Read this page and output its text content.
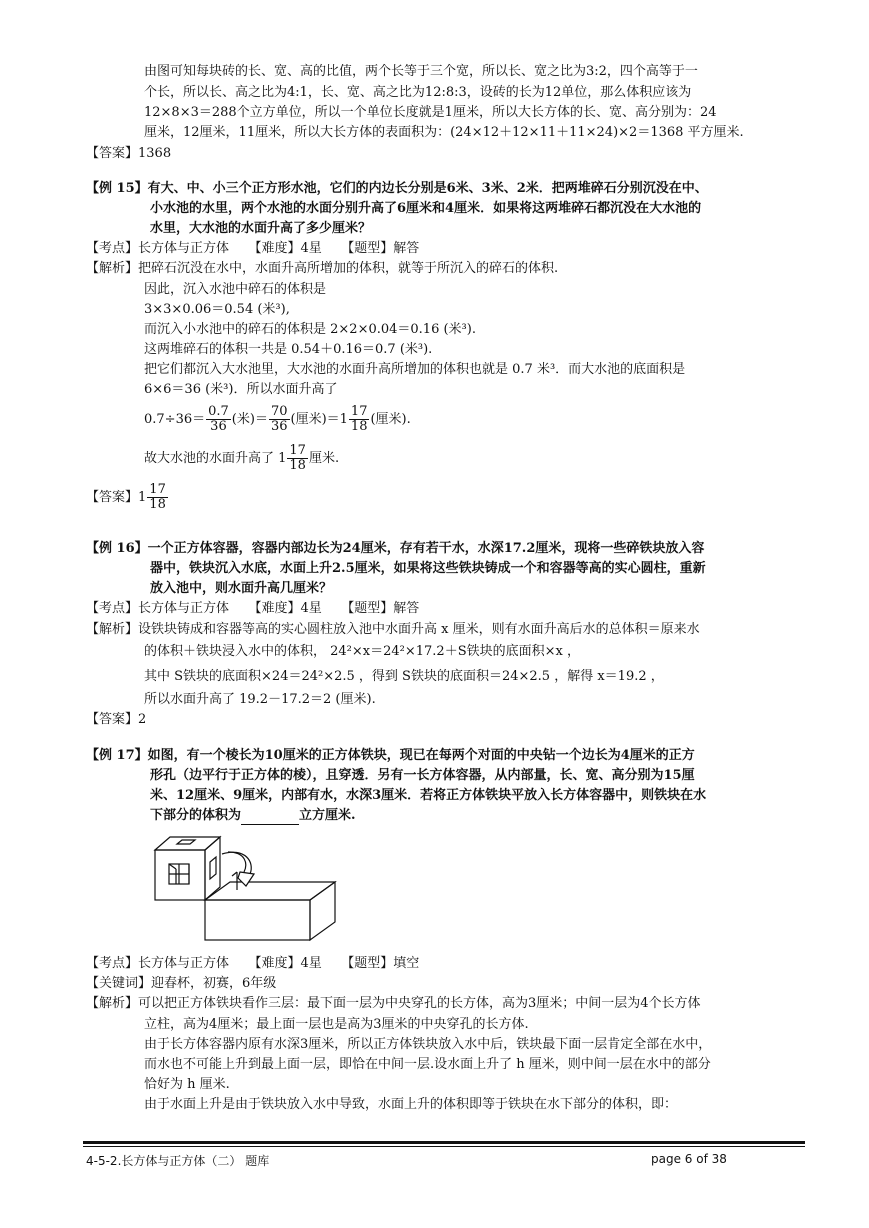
由图可知每块砖的长、宽、高的比值，两个长等于三个宽，所以长、宽之比为3:2，四个高等于一
个长，所以长、高之比为4:1，长、宽、高之比为12:8:3，设砖的长为12单位，那么体积应该为
12×8×3＝288个立方单位，所以一个单位长度就是1厘米，所以大长方体的长、宽、高分别为：24
厘米，12厘米，11厘米，所以大长方体的表面积为：(24×12＋12×11＋11×24)×2＝1368 平方厘米.
【答案】1368
【例 15】有大、中、小三个正方形水池，它们的内边长分别是6米、3米、2米．把两堆碎石分别沉没在中、
小水池的水里，两个水池的水面分别升高了6厘米和4厘米．如果将这两堆碎石都沉没在大水池的
水里，大水池的水面升高了多少厘米？
【考点】长方体与正方体　　【难度】4星　　【题型】解答
【解析】把碎石沉没在水中，水面升高所增加的体积，就等于所沉入的碎石的体积.
因此，沉入水池中碎石的体积是
3×3×0.06＝0.54 (米³),
而沉入小水池中的碎石的体积是 2×2×0.04＝0.16 (米³).
这两堆碎石的体积一共是 0.54＋0.16＝0.7 (米³).
把它们都沉入大水池里，大水池的水面升高所增加的体积也就是 0.7 米³．而大水池的底面积是
6×6＝36 (米³)．所以水面升高了
$0.7\div 36= \frac{0.7}{36}$ (米)＝ $\frac{70}{36}$ (厘米)$=1 \frac{17}{18}$ (厘米).
故大水池的水面升高了 $1 \frac{17}{18}$ 厘米.
【答案】$1 \frac{17}{18}$
【例 16】一个正方体容器，容器内部边长为24厘米，存有若干水，水深17.2厘米，现将一些碎铁块放入容
器中，铁块沉入水底，水面上升2.5厘米，如果将这些铁块铸成一个和容器等高的实心圆柱，重新
放入池中，则水面升高几厘米？
【考点】长方体与正方体　　【难度】4星　　【题型】解答
【解析】设铁块铸成和容器等高的实心圆柱放入池中水面升高 x 厘米，则有水面升高后水的总体积＝原来水
的体积＋铁块浸入水中的体积， 24²×x＝24²×17.2＋S铁块的底面积×x ，
其中 S铁块的底面积×24＝24²×2.5 ，得到 S铁块的底面积＝24×2.5 ，解得 x＝19.2 ，
所以水面升高了 19.2－17.2＝2 (厘米).
【答案】2
【例 17】如图，有一个棱长为10厘米的正方体铁块，现已在每两个对面的中央钻一个边长为4厘米的正方
形孔（边平行于正方体的棱），且穿透．另有一长方体容器，从内部量，长、宽、高分别为15厘
米、12厘米、9厘米，内部有水，水深3厘米．若将正方体铁块平放入长方体容器中，则铁块在水
下部分的体积为	立方厘米.
【考点】长方体与正方体　　【难度】4星　　【题型】填空
【关键词】迎春杯，初赛，6年级
【解析】可以把正方体铁块看作三层：最下面一层为中央穿孔的长方体，高为3厘米；中间一层为4个长方体
立柱，高为4厘米；最上面一层也是高为3厘米的中央穿孔的长方体.
由于长方体容器内原有水深3厘米，所以正方体铁块放入水中后，铁块最下面一层肯定全部在水中，
而水也不可能上升到最上面一层，即恰在中间一层.设水面上升了 h 厘米，则中间一层在水中的部分
恰好为 h 厘米.
由于水面上升是由于铁块放入水中导致，水面上升的体积即等于铁块在水下部分的体积，即：
4-5-2.长方体与正方体（二） 题库	page 6 of 38
